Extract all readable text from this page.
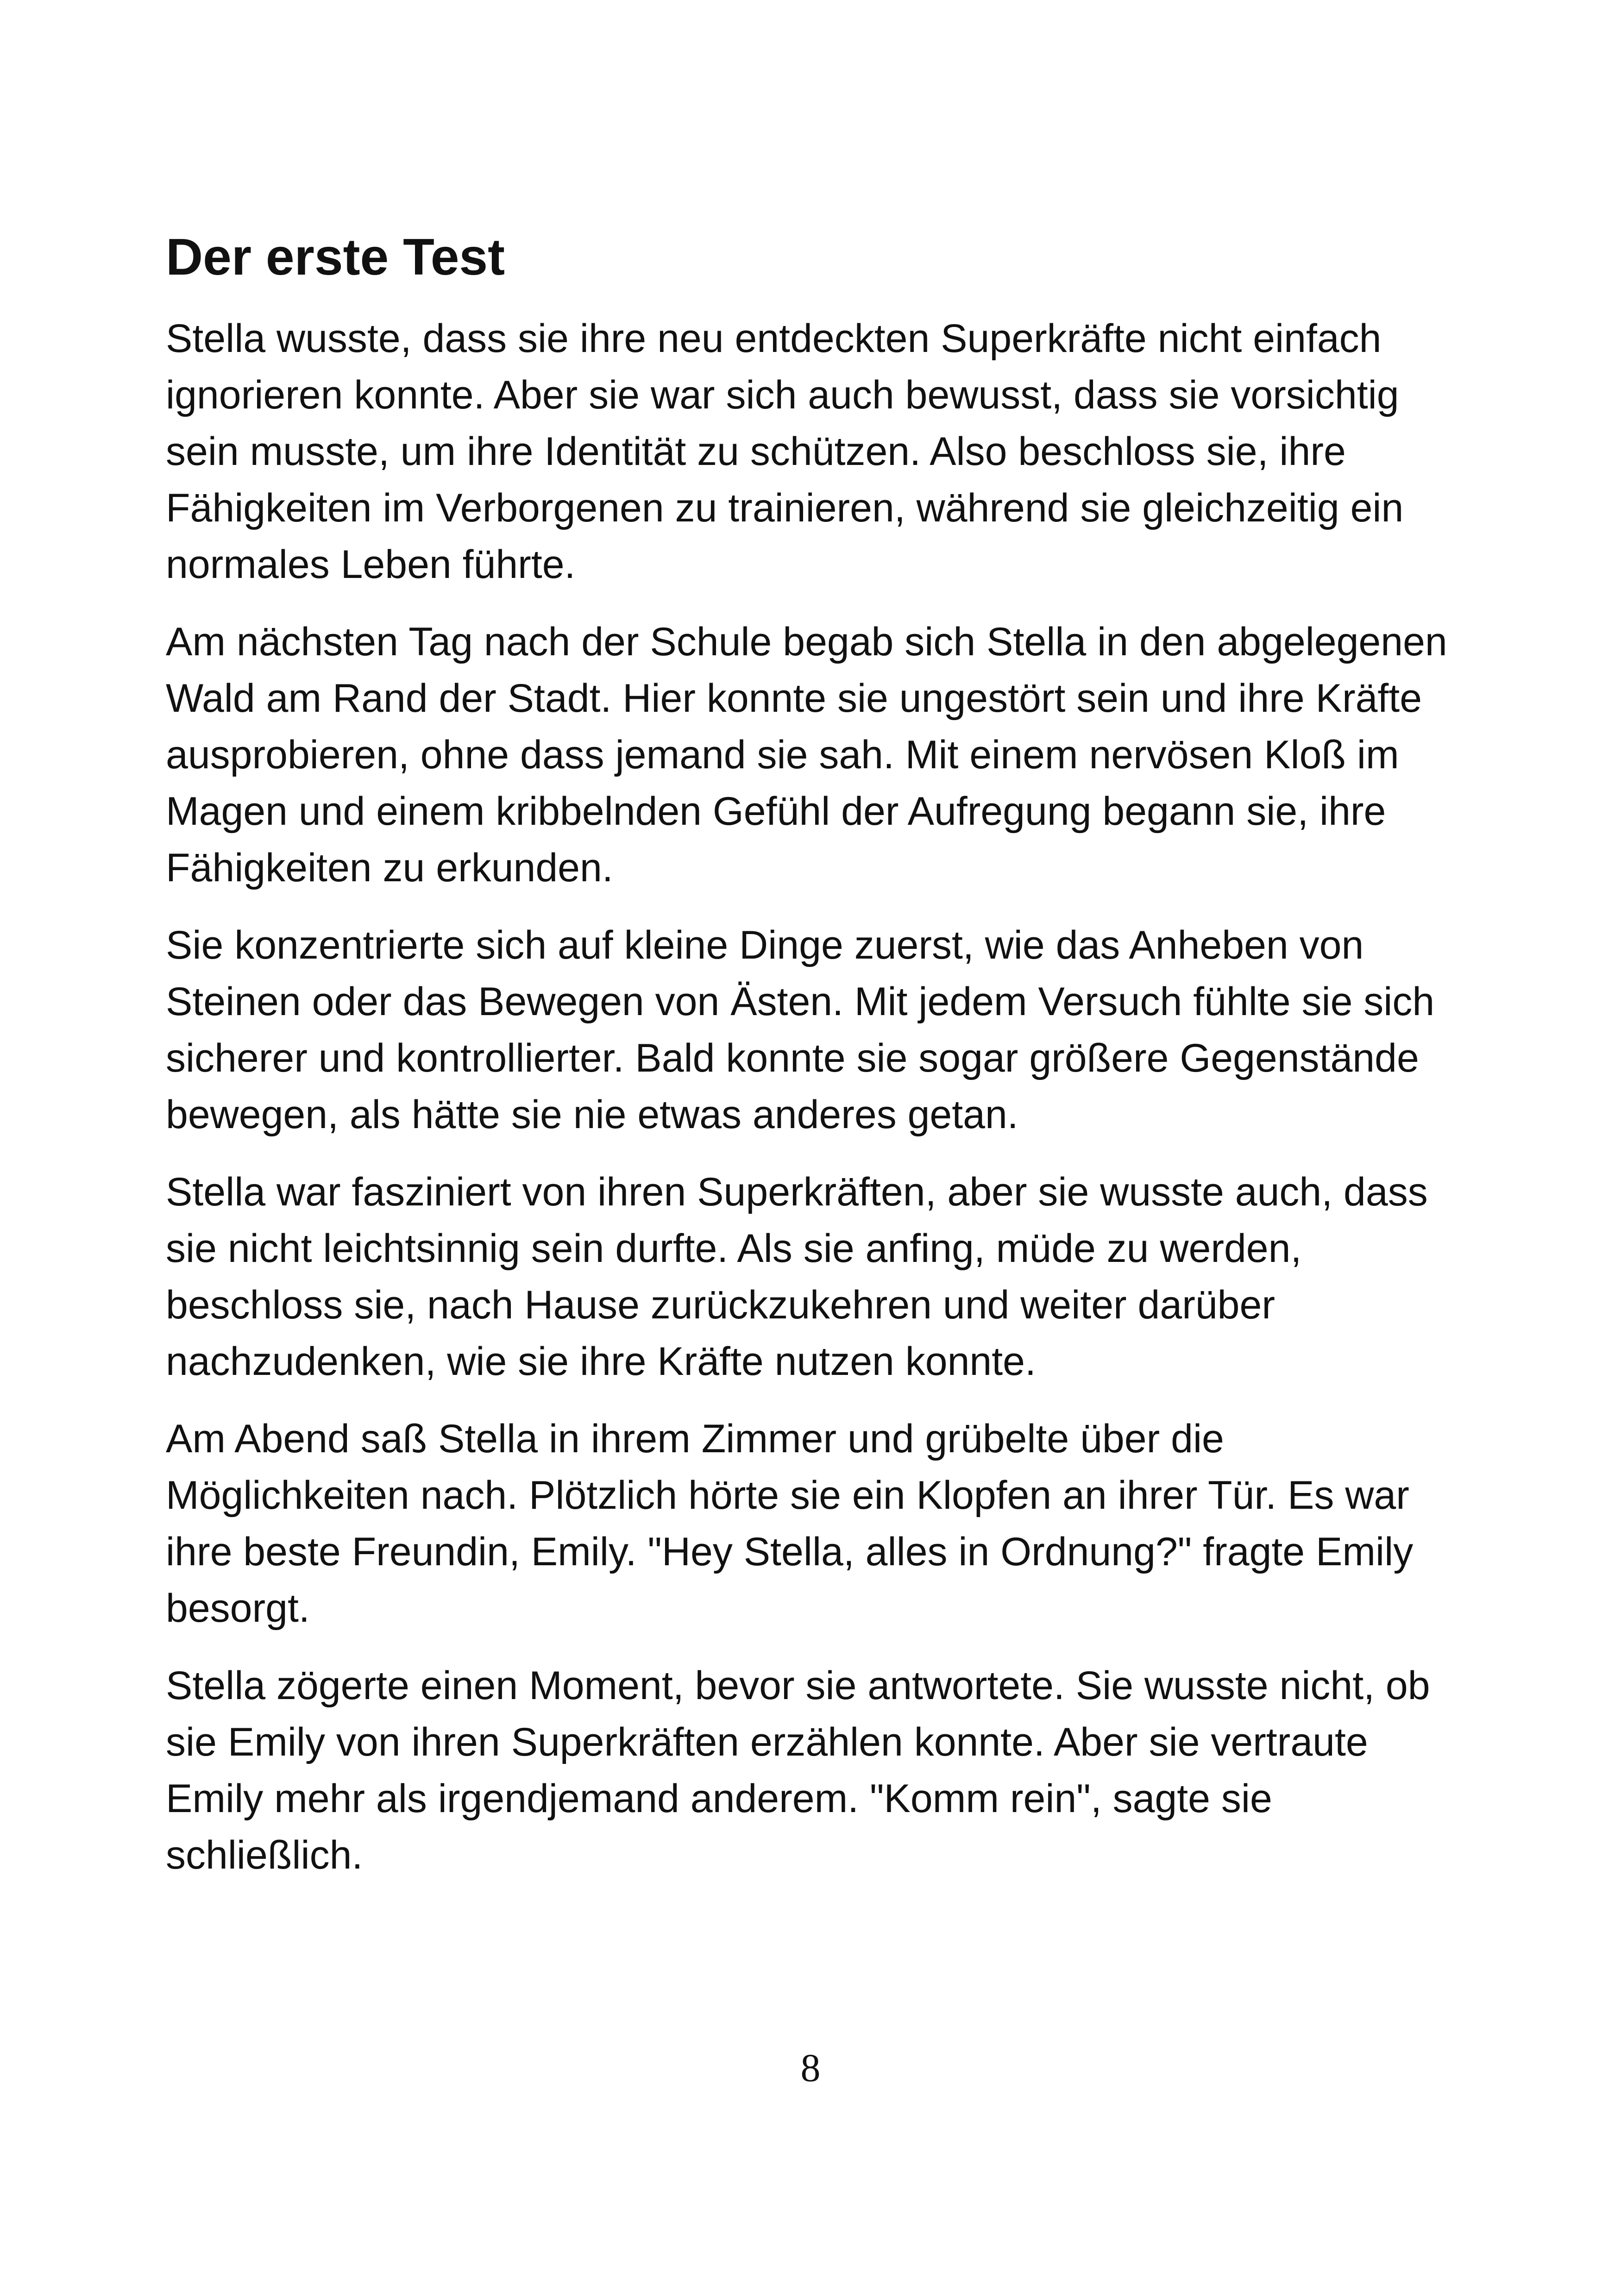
Der erste Test

Stella wusste, dass sie ihre neu entdeckten Superkräfte nicht einfach ignorieren konnte. Aber sie war sich auch bewusst, dass sie vorsichtig sein musste, um ihre Identität zu schützen. Also beschloss sie, ihre Fähigkeiten im Verborgenen zu trainieren, während sie gleichzeitig ein normales Leben führte.

Am nächsten Tag nach der Schule begab sich Stella in den abgelegenen Wald am Rand der Stadt. Hier konnte sie ungestört sein und ihre Kräfte ausprobieren, ohne dass jemand sie sah. Mit einem nervösen Kloß im Magen und einem kribbelnden Gefühl der Aufregung begann sie, ihre Fähigkeiten zu erkunden.

Sie konzentrierte sich auf kleine Dinge zuerst, wie das Anheben von Steinen oder das Bewegen von Ästen. Mit jedem Versuch fühlte sie sich sicherer und kontrollierter. Bald konnte sie sogar größere Gegenstände bewegen, als hätte sie nie etwas anderes getan.

Stella war fasziniert von ihren Superkräften, aber sie wusste auch, dass sie nicht leichtsinnig sein durfte. Als sie anfing, müde zu werden, beschloss sie, nach Hause zurückzukehren und weiter darüber nachzudenken, wie sie ihre Kräfte nutzen konnte.

Am Abend saß Stella in ihrem Zimmer und grübelte über die Möglichkeiten nach. Plötzlich hörte sie ein Klopfen an ihrer Tür. Es war ihre beste Freundin, Emily. "Hey Stella, alles in Ordnung?" fragte Emily besorgt.

Stella zögerte einen Moment, bevor sie antwortete. Sie wusste nicht, ob sie Emily von ihren Superkräften erzählen konnte. Aber sie vertraute Emily mehr als irgendjemand anderem. "Komm rein", sagte sie schließlich.

8
